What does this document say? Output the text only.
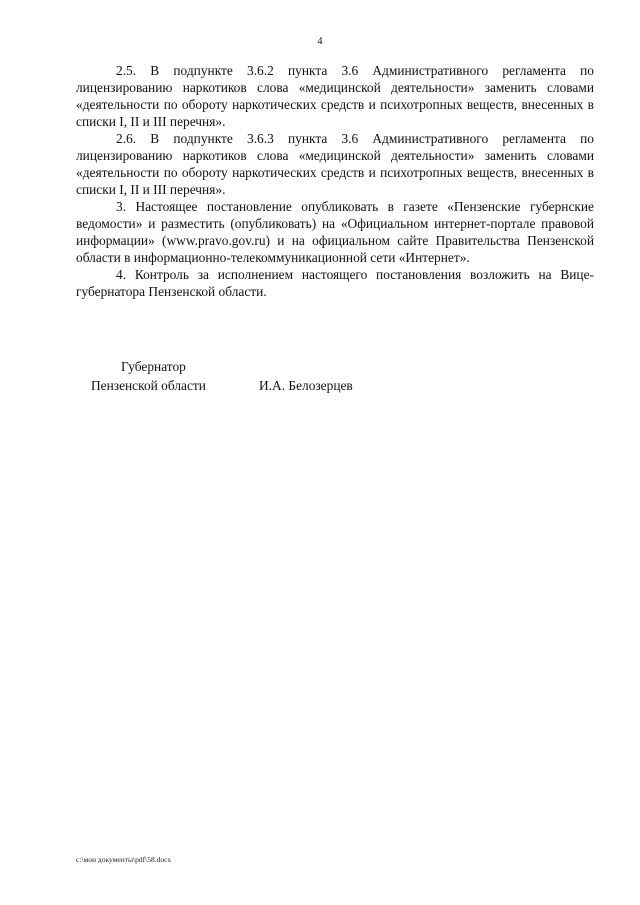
4

2.5. В подпункте 3.6.2 пункта 3.6 Административного регламента по лицензированию наркотиков слова «медицинской деятельности» заменить словами «деятельности по обороту наркотических средств и психотропных веществ, внесенных в списки I, II и III перечня».

2.6. В подпункте 3.6.3 пункта 3.6 Административного регламента по лицензированию наркотиков слова «медицинской деятельности» заменить словами «деятельности по обороту наркотических средств и психотропных веществ, внесенных в списки I, II и III перечня».

3. Настоящее постановление опубликовать в газете «Пензенские губернские ведомости» и разместить (опубликовать) на «Официальном интернет-портале правовой информации» (www.pravo.gov.ru) и на официальном сайте Правительства Пензенской области в информационно-телекоммуникационной сети «Интернет».

4. Контроль за исполнением настоящего постановления возложить на Вице-губернатора Пензенской области.

Губернатор
Пензенской области	И.А. Белозерцев
c:\мои документы\pdf\58.docx
